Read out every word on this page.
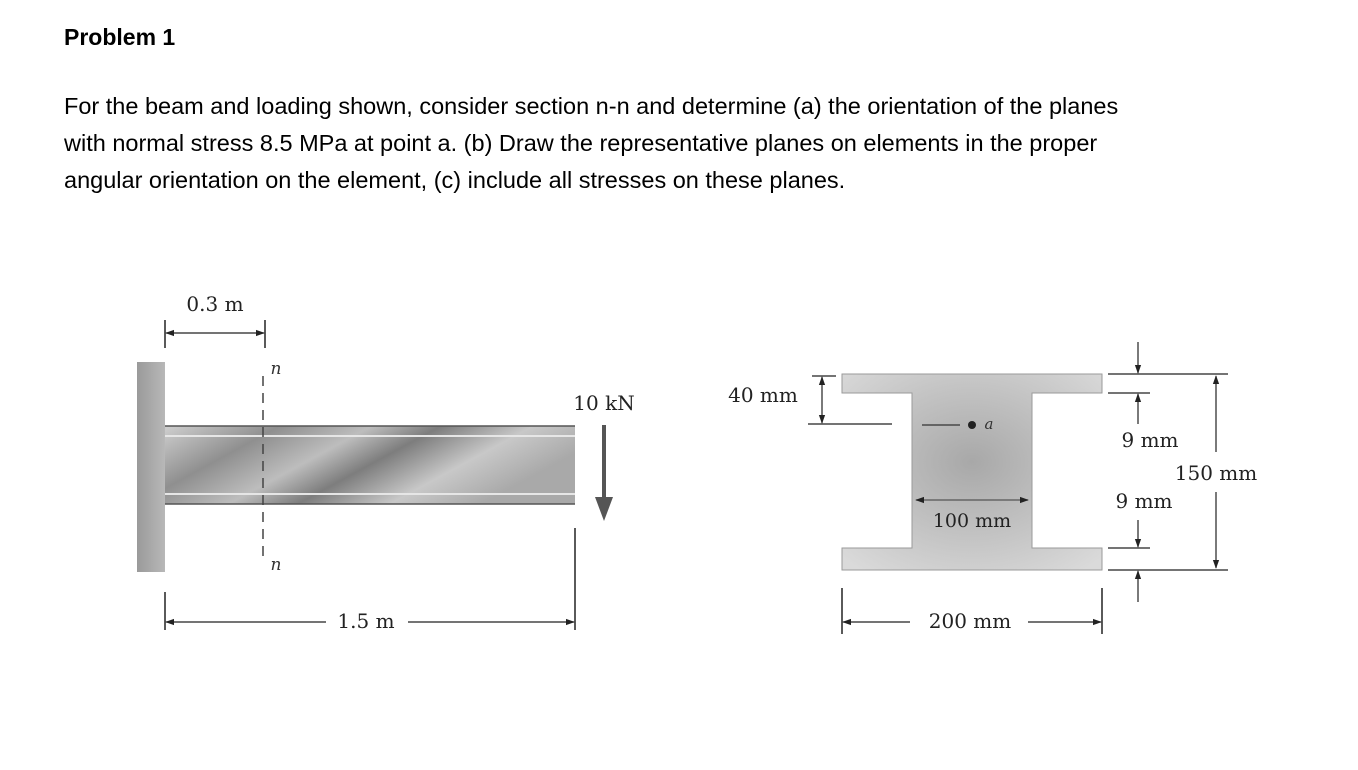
Problem 1

For the beam and loading shown, consider section n-n and determine (a) the orientation of the planes
with normal stress 8.5 MPa at point a. (b) Draw the representative planes on elements in the proper
angular orientation on the element, (c) include all stresses on these planes.

0.3 m
n
n
10 kN
1.5 m
40 mm
a
100 mm
200 mm
9 mm
150 mm
9 mm
